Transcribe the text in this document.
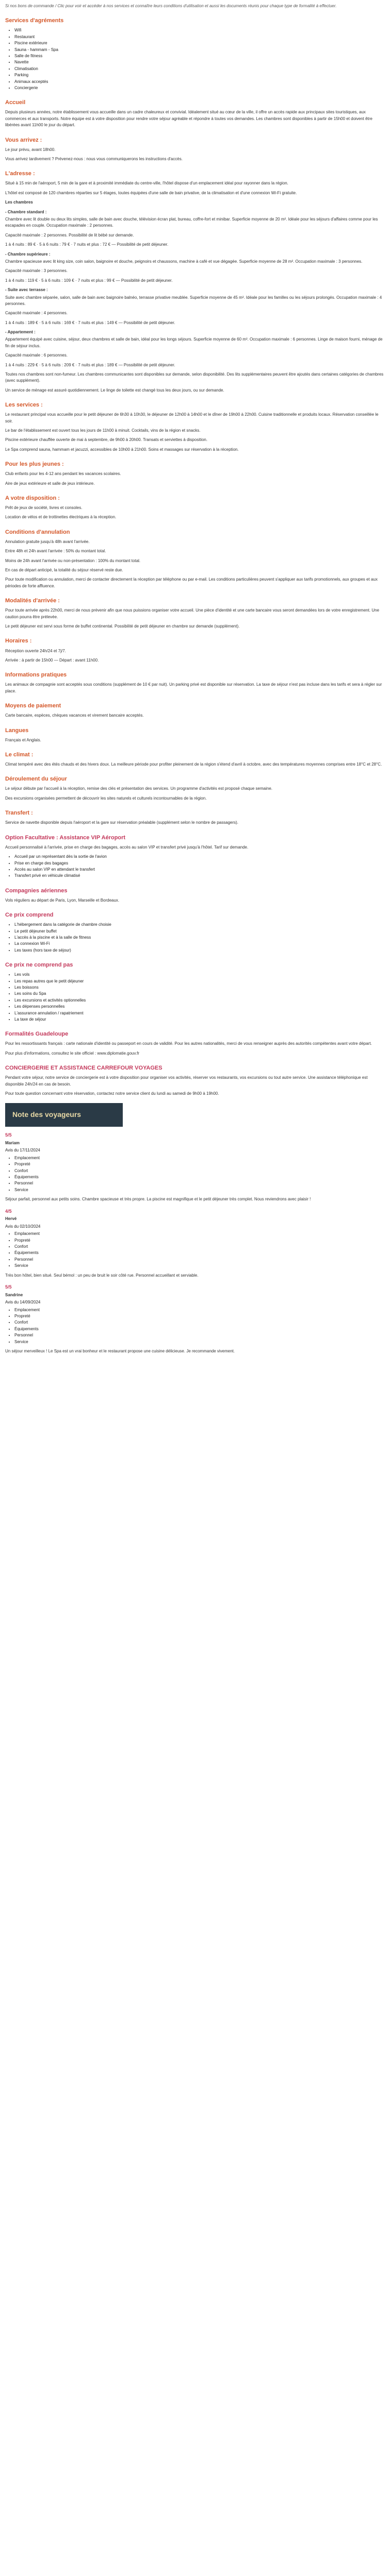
Si nos bons de commande / Clic pour voir et accéder à nos services et connaître leurs conditions d'utilisation et aussi les documents réunis pour chaque type de formalité à effectuer.

Services d'agréments
• Wifi
• Restaurant
• Piscine extérieure
• Sauna - hammam - Spa
• Salle de fitness
• Navette
• Climatisation
• Parking
• Animaux acceptés
• Conciergerie
Accueil

Depuis plusieurs années, notre établissement vous accueille dans un cadre chaleureux et convivial. Idéalement situé au cœur de la ville, il offre un accès rapide aux principaux sites touristiques, aux commerces et aux transports. Notre équipe est à votre disposition pour rendre votre séjour agréable et répondre à toutes vos demandes. Les chambres sont disponibles à partir de 15h00 et doivent être libérées avant 11h00 le jour du départ.

Vous arrivez :

Le jour prévu, avant 18h00.

Vous arrivez tardivement ? Prévenez-nous : nous vous communiquerons les instructions d'accès.

L'adresse :

Situé à 15 min de l'aéroport, 5 min de la gare et à proximité immédiate du centre-ville, l'hôtel dispose d'un emplacement idéal pour rayonner dans la région.

L'hôtel est composé de 120 chambres réparties sur 5 étages, toutes équipées d'une salle de bain privative, de la climatisation et d'une connexion Wi-Fi gratuite.

Les chambres
- Chambre standard :

Chambre avec lit double ou deux lits simples, salle de bain avec douche, télévision écran plat, bureau, coffre-fort et minibar. Superficie moyenne de 20 m². Idéale pour les séjours d'affaires comme pour les escapades en couple. Occupation maximale : 2 personnes.

Capacité maximale : 2 personnes. Possibilité de lit bébé sur demande.

1 à 4 nuits : 89 € · 5 à 6 nuits : 79 € · 7 nuits et plus : 72 € — Possibilité de petit déjeuner.

- Chambre supérieure :

Chambre spacieuse avec lit king size, coin salon, baignoire et douche, peignoirs et chaussons, machine à café et vue dégagée. Superficie moyenne de 28 m². Occupation maximale : 3 personnes.

Capacité maximale : 3 personnes.

1 à 4 nuits : 119 € · 5 à 6 nuits : 109 € · 7 nuits et plus : 99 € — Possibilité de petit déjeuner.

- Suite avec terrasse :

Suite avec chambre séparée, salon, salle de bain avec baignoire balnéo, terrasse privative meublée. Superficie moyenne de 45 m². Idéale pour les familles ou les séjours prolongés. Occupation maximale : 4 personnes.

Capacité maximale : 4 personnes.

1 à 4 nuits : 189 € · 5 à 6 nuits : 169 € · 7 nuits et plus : 149 € — Possibilité de petit déjeuner.

- Appartement :

Appartement équipé avec cuisine, séjour, deux chambres et salle de bain, idéal pour les longs séjours. Superficie moyenne de 60 m². Occupation maximale : 6 personnes. Linge de maison fourni, ménage de fin de séjour inclus.

Capacité maximale : 6 personnes.

1 à 4 nuits : 229 € · 5 à 6 nuits : 209 € · 7 nuits et plus : 189 € — Possibilité de petit déjeuner.

Toutes nos chambres sont non-fumeur. Les chambres communicantes sont disponibles sur demande, selon disponibilité. Des lits supplémentaires peuvent être ajoutés dans certaines catégories de chambres (avec supplément).

Un service de ménage est assuré quotidiennement. Le linge de toilette est changé tous les deux jours, ou sur demande.

Les services :

Le restaurant principal vous accueille pour le petit déjeuner de 6h30 à 10h30, le déjeuner de 12h00 à 14h00 et le dîner de 19h00 à 22h00. Cuisine traditionnelle et produits locaux. Réservation conseillée le soir.

Le bar de l'établissement est ouvert tous les jours de 11h00 à minuit. Cocktails, vins de la région et snacks.

Piscine extérieure chauffée ouverte de mai à septembre, de 9h00 à 20h00. Transats et serviettes à disposition.

Le Spa comprend sauna, hammam et jacuzzi, accessibles de 10h00 à 21h00. Soins et massages sur réservation à la réception.

Pour les plus jeunes :

Club enfants pour les 4-12 ans pendant les vacances scolaires.

Aire de jeux extérieure et salle de jeux intérieure.

A votre disposition :

Prêt de jeux de société, livres et consoles.

Location de vélos et de trottinettes électriques à la réception.

Conditions d'annulation

Annulation gratuite jusqu'à 48h avant l'arrivée.

Entre 48h et 24h avant l'arrivée : 50% du montant total.

Moins de 24h avant l'arrivée ou non-présentation : 100% du montant total.

En cas de départ anticipé, la totalité du séjour réservé reste due.

Pour toute modification ou annulation, merci de contacter directement la réception par téléphone ou par e-mail. Les conditions particulières peuvent s'appliquer aux tarifs promotionnels, aux groupes et aux périodes de forte affluence.

Modalités d'arrivée :

Pour toute arrivée après 22h00, merci de nous prévenir afin que nous puissions organiser votre accueil. Une pièce d'identité et une carte bancaire vous seront demandées lors de votre enregistrement. Une caution pourra être prélevée.

Le petit déjeuner est servi sous forme de buffet continental. Possibilité de petit déjeuner en chambre sur demande (supplément).

Horaires :

Réception ouverte 24h/24 et 7j/7.

Arrivée : à partir de 15h00 — Départ : avant 11h00.

Informations pratiques

Les animaux de compagnie sont acceptés sous conditions (supplément de 10 € par nuit). Un parking privé est disponible sur réservation. La taxe de séjour n'est pas incluse dans les tarifs et sera à régler sur place.

Moyens de paiement

Carte bancaire, espèces, chèques vacances et virement bancaire acceptés.

Langues

Français et Anglais.

Le climat :

Climat tempéré avec des étés chauds et des hivers doux. La meilleure période pour profiter pleinement de la région s'étend d'avril à octobre, avec des températures moyennes comprises entre 18°C et 28°C.

Déroulement du séjour

Le séjour débute par l'accueil à la réception, remise des clés et présentation des services. Un programme d'activités est proposé chaque semaine.

Des excursions organisées permettent de découvrir les sites naturels et culturels incontournables de la région.

Transfert :

Service de navette disponible depuis l'aéroport et la gare sur réservation préalable (supplément selon le nombre de passagers).

Option Facultative : Assistance VIP Aéroport

Accueil personnalisé à l'arrivée, prise en charge des bagages, accès au salon VIP et transfert privé jusqu'à l'hôtel. Tarif sur demande.

• Accueil par un représentant dès la sortie de l'avion
• Prise en charge des bagages
• Accès au salon VIP en attendant le transfert
• Transfert privé en véhicule climatisé
Compagnies aériennes

Vols réguliers au départ de Paris, Lyon, Marseille et Bordeaux.

Ce prix comprend
• L'hébergement dans la catégorie de chambre choisie
• Le petit déjeuner buffet
• L'accès à la piscine et à la salle de fitness
• La connexion Wi-Fi
• Les taxes (hors taxe de séjour)
Ce prix ne comprend pas
• Les vols
• Les repas autres que le petit déjeuner
• Les boissons
• Les soins du Spa
• Les excursions et activités optionnelles
• Les dépenses personnelles
• L'assurance annulation / rapatriement
• La taxe de séjour
Formalités Guadeloupe

Pour les ressortissants français : carte nationale d'identité ou passeport en cours de validité. Pour les autres nationalités, merci de vous renseigner auprès des autorités compétentes avant votre départ.

Pour plus d'informations, consultez le site officiel : www.diplomatie.gouv.fr

CONCIERGERIE ET ASSISTANCE CARREFOUR VOYAGES

Pendant votre séjour, notre service de conciergerie est à votre disposition pour organiser vos activités, réserver vos restaurants, vos excursions ou tout autre service. Une assistance téléphonique est disponible 24h/24 en cas de besoin.

Pour toute question concernant votre réservation, contactez notre service client du lundi au samedi de 9h00 à 19h00.

Note des voyageurs
5/5
Mariam
Avis du 17/11/2024
• Emplacement
• Propreté
• Confort
• Équipements
• Personnel
• Service

Séjour parfait, personnel aux petits soins. Chambre spacieuse et très propre. La piscine est magnifique et le petit déjeuner très complet. Nous reviendrons avec plaisir !

4/5
Hervé
Avis du 02/10/2024
• Emplacement
• Propreté
• Confort
• Équipements
• Personnel
• Service

Très bon hôtel, bien situé. Seul bémol : un peu de bruit le soir côté rue. Personnel accueillant et serviable.

5/5
Sandrine
Avis du 14/09/2024
• Emplacement
• Propreté
• Confort
• Équipements
• Personnel
• Service

Un séjour merveilleux ! Le Spa est un vrai bonheur et le restaurant propose une cuisine délicieuse. Je recommande vivement.
